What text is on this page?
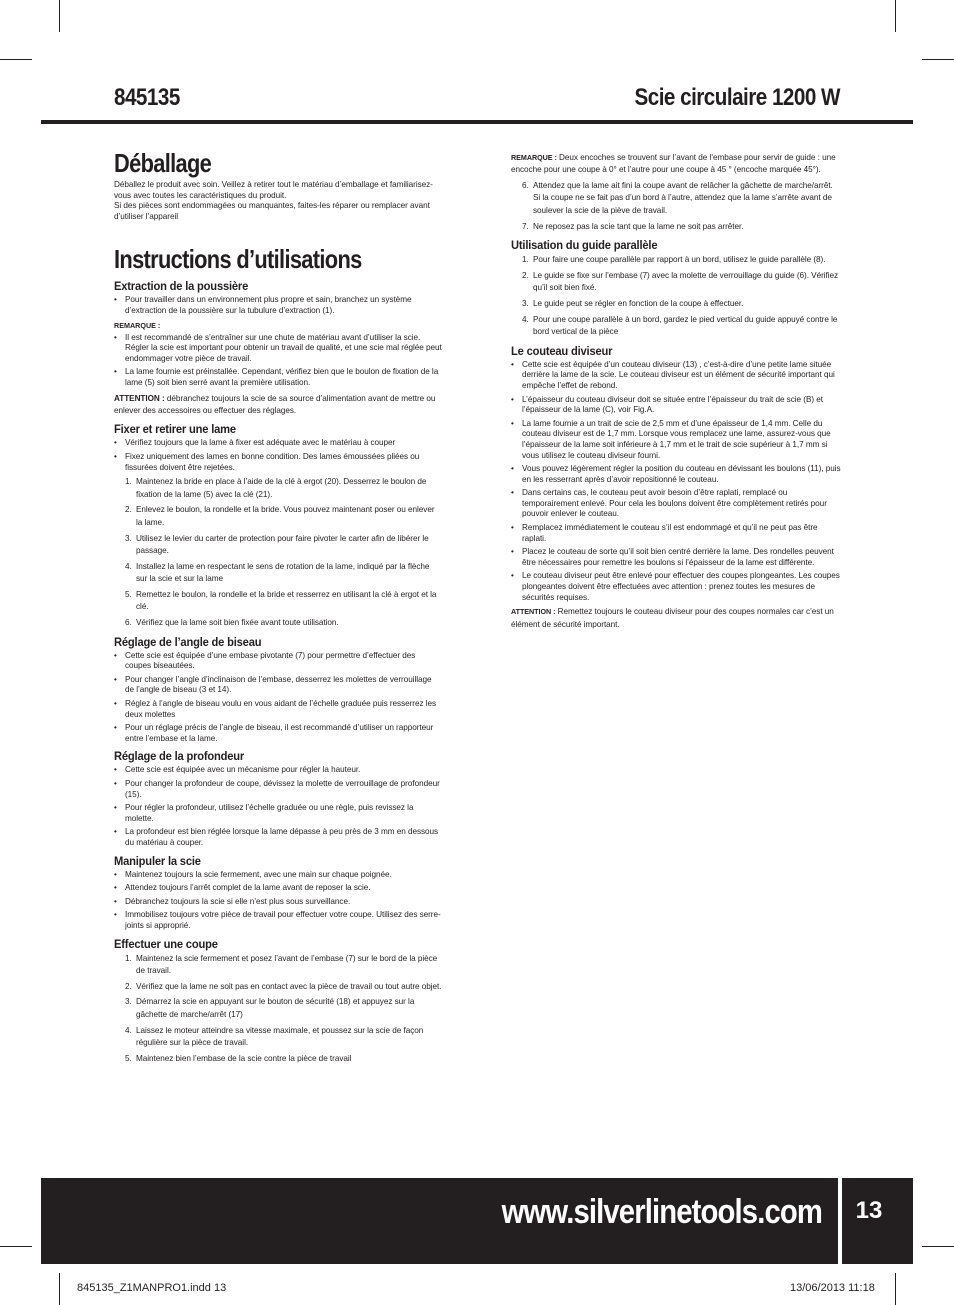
845135	Scie circulaire 1200 W
Déballage

Déballez le produit avec soin. Veillez à retirer tout le matériau d’emballage et familiarisez-vous avec toutes les caractéristiques du produit.

Si des pièces sont endommagées ou manquantes, faites-les réparer ou remplacer avant d’utiliser l’appareil

Instructions d’utilisations
Extraction de la poussière
• Pour travailler dans un environnement plus propre et sain, branchez un système d’extraction de la poussière sur la tubulure d’extraction (1).
REMARQUE :
• Il est recommandé de s’entraîner sur une chute de matériau avant d’utiliser la scie. Régler la scie est important pour obtenir un travail de qualité, et une scie mal réglée peut endommager votre pièce de travail.
• La lame fournie est préinstallée. Cependant, vérifiez bien que le boulon de fixation de la lame (5) soit bien serré avant la première utilisation.

ATTENTION : débranchez toujours la scie de sa source d’alimentation avant de mettre ou enlever des accessoires ou effectuer des réglages.

Fixer et retirer une lame
• Vérifiez toujours que la lame à fixer est adéquate avec le matériau à couper
• Fixez uniquement des lames en bonne condition. Des lames émoussées pliées ou fissurées doivent être rejetées.
1. Maintenez la bride en place à l’aide de la clé à ergot (20). Desserrez le boulon de fixation de la lame (5) avec la clé (21).
2. Enlevez le boulon, la rondelle et la bride. Vous pouvez maintenant poser ou enlever la lame.
3. Utilisez le levier du carter de protection pour faire pivoter le carter afin de libérer le passage.
4. Installez la lame en respectant le sens de rotation de la lame, indiqué par la flèche sur la scie et sur la lame
5. Remettez le boulon, la rondelle et la bride et resserrez en utilisant la clé à ergot et la clé.
6. Vérifiez que la lame soit bien fixée avant toute utilisation.
Réglage de l’angle de biseau
• Cette scie est équipée d’une embase pivotante (7) pour permettre d’effectuer des coupes biseautées.
• Pour changer l’angle d’inclinaison de l’embase, desserrez les molettes de verrouillage de l’angle de biseau (3 et 14).
• Réglez à l’angle de biseau voulu en vous aidant de l’échelle graduée puis resserrez les deux molettes
• Pour un réglage précis de l’angle de biseau, il est recommandé d’utiliser un rapporteur entre l’embase et la lame.
Réglage de la profondeur
• Cette scie est équipée avec un mécanisme pour régler la hauteur.
• Pour changer la profondeur de coupe, dévissez la molette de verrouillage de profondeur (15).
• Pour régler la profondeur, utilisez l’échelle graduée ou une règle, puis revissez la molette.
• La profondeur est bien réglée lorsque la lame dépasse à peu près de 3 mm en dessous du matériau à couper.
Manipuler la scie
• Maintenez toujours la scie fermement, avec une main sur chaque poignée.
• Attendez toujours l’arrêt complet de la lame avant de reposer la scie.
• Débranchez toujours la scie si elle n’est plus sous surveillance.
• Immobilisez toujours votre pièce de travail pour effectuer votre coupe. Utilisez des serre-joints si approprié.
Effectuer une coupe
1. Maintenez la scie fermement et posez l’avant de l’embase (7) sur le bord de la pièce de travail.
2. Vérifiez que la lame ne soit pas en contact avec la pièce de travail ou tout autre objet.
3. Démarrez la scie en appuyant sur le bouton de sécurité (18) et appuyez sur la gâchette de marche/arrêt (17)
4. Laissez le moteur atteindre sa vitesse maximale, et poussez sur la scie de façon régulière sur la pièce de travail.
5. Maintenez bien l’embase de la scie contre la pièce de travail

REMARQUE : Deux encoches se trouvent sur l’avant de l’embase pour servir de guide : une encoche pour une coupe à 0° et l’autre pour une coupe à 45 ° (encoche marquée 45°).

6. Attendez que la lame ait fini la coupe avant de relâcher la gâchette de marche/arrêt. Si la coupe ne se fait pas d’un bord à l’autre, attendez que la lame s’arrête avant de soulever la scie de la piève de travail.
7. Ne reposez pas la scie tant que la lame ne soit pas arrêter.
Utilisation du guide parallèle
1. Pour faire une coupe parallèle par rapport à un bord, utilisez le guide parallèle (8).
2. Le guide se fixe sur l’embase (7) avec la molette de verrouillage du guide (6). Vérifiez qu’il soit bien fixé.
3. Le guide peut se régler en fonction de la coupe à effectuer.
4. Pour une coupe parallèle à un bord, gardez le pied vertical du guide appuyé contre le bord vertical de la pièce
Le couteau diviseur
• Cette scie est équipée d’un couteau diviseur (13) , c’est-à-dire d’une petite lame située derrière la lame de la scie. Le couteau diviseur est un élément de sécurité important qui empêche l’effet de rebond.
• L’épaisseur du couteau diviseur doit se située entre l’épaisseur du trait de scie (B) et l’épaisseur de la lame (C), voir Fig.A.
• La lame fournie a un trait de scie de 2,5 mm et d’une épaisseur de 1,4 mm. Celle du couteau diviseur est de 1,7 mm. Lorsque vous remplacez une lame, assurez-vous que l’épaisseur de la lame soit inférieure à 1,7 mm et le trait de scie supérieur à 1,7 mm si vous utilisez le couteau diviseur fourni.
• Vous pouvez légèrement régler la position du couteau en dévissant les boulons (11), puis en les resserrant après d’avoir repositionné le couteau.
• Dans certains cas, le couteau peut avoir besoin d’être raplati, remplacé ou temporairement enlevé. Pour cela les boulons doivent être complètement retirés pour pouvoir enlever le couteau.
• Remplacez immédiatement le couteau s’il est endommagé et qu’il ne peut pas être raplati.
• Placez le couteau de sorte qu’il soit bien centré derrière la lame. Des rondelles peuvent être nécessaires pour remettre les boulons si l’épaisseur de la lame est différente.
• Le couteau diviseur peut être enlevé pour effectuer des coupes plongeantes. Les coupes plongeantes doivent être effectuées avec attention : prenez toutes les mesures de sécurités requises.

ATTENTION : Remettez toujours le couteau diviseur pour des coupes normales car c’est un élément de sécurité important.

www.silverlinetools.com	13
845135_Z1MANPRO1.indd 13	13/06/2013 11:18
